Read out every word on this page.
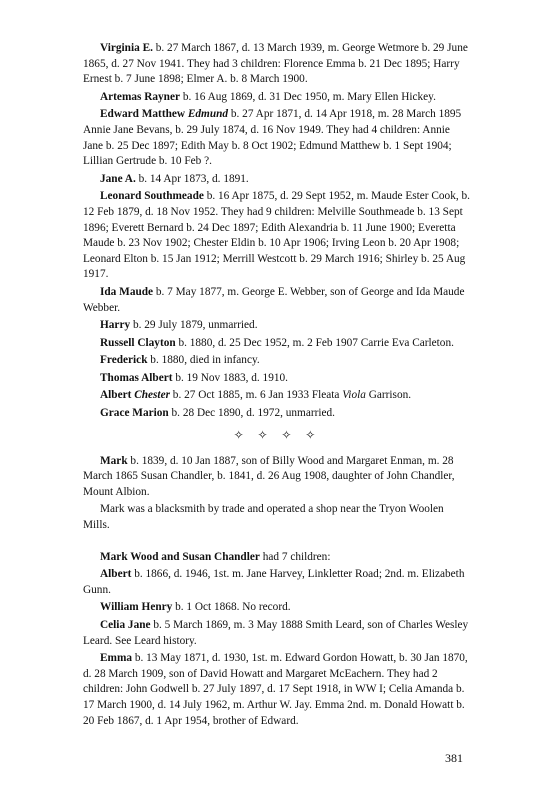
Virginia E. b. 27 March 1867, d. 13 March 1939, m. George Wetmore b. 29 June 1865, d. 27 Nov 1941. They had 3 children: Florence Emma b. 21 Dec 1895; Harry Ernest b. 7 June 1898; Elmer A. b. 8 March 1900.

Artemas Rayner b. 16 Aug 1869, d. 31 Dec 1950, m. Mary Ellen Hickey.

Edward Matthew Edmund b. 27 Apr 1871, d. 14 Apr 1918, m. 28 March 1895 Annie Jane Bevans, b. 29 July 1874, d. 16 Nov 1949. They had 4 children: Annie Jane b. 25 Dec 1897; Edith May b. 8 Oct 1902; Edmund Matthew b. 1 Sept 1904; Lillian Gertrude b. 10 Feb ?.

Jane A. b. 14 Apr 1873, d. 1891.

Leonard Southmeade b. 16 Apr 1875, d. 29 Sept 1952, m. Maude Ester Cook, b. 12 Feb 1879, d. 18 Nov 1952. They had 9 children: Melville Southmeade b. 13 Sept 1896; Everett Bernard b. 24 Dec 1897; Edith Alexandria b. 11 June 1900; Everetta Maude b. 23 Nov 1902; Chester Eldin b. 10 Apr 1906; Irving Leon b. 20 Apr 1908; Leonard Elton b. 15 Jan 1912; Merrill Westcott b. 29 March 1916; Shirley b. 25 Aug 1917.

Ida Maude b. 7 May 1877, m. George E. Webber, son of George and Ida Maude Webber.

Harry b. 29 July 1879, unmarried.

Russell Clayton b. 1880, d. 25 Dec 1952, m. 2 Feb 1907 Carrie Eva Carleton.

Frederick b. 1880, died in infancy.

Thomas Albert b. 19 Nov 1883, d. 1910.

Albert Chester b. 27 Oct 1885, m. 6 Jan 1933 Fleata Viola Garrison.

Grace Marion b. 28 Dec 1890, d. 1972, unmarried.

✧ ✧ ✧ ✧

Mark b. 1839, d. 10 Jan 1887, son of Billy Wood and Margaret Enman, m. 28 March 1865 Susan Chandler, b. 1841, d. 26 Aug 1908, daughter of John Chandler, Mount Albion.

Mark was a blacksmith by trade and operated a shop near the Tryon Woolen Mills.

Mark Wood and Susan Chandler had 7 children:

Albert b. 1866, d. 1946, 1st. m. Jane Harvey, Linkletter Road; 2nd. m. Elizabeth Gunn.

William Henry b. 1 Oct 1868. No record.

Celia Jane b. 5 March 1869, m. 3 May 1888 Smith Leard, son of Charles Wesley Leard. See Leard history.

Emma b. 13 May 1871, d. 1930, 1st. m. Edward Gordon Howatt, b. 30 Jan 1870, d. 28 March 1909, son of David Howatt and Margaret McEachern. They had 2 children: John Godwell b. 27 July 1897, d. 17 Sept 1918, in WW I; Celia Amanda b. 17 March 1900, d. 14 July 1962, m. Arthur W. Jay. Emma 2nd. m. Donald Howatt b. 20 Feb 1867, d. 1 Apr 1954, brother of Edward.

381
